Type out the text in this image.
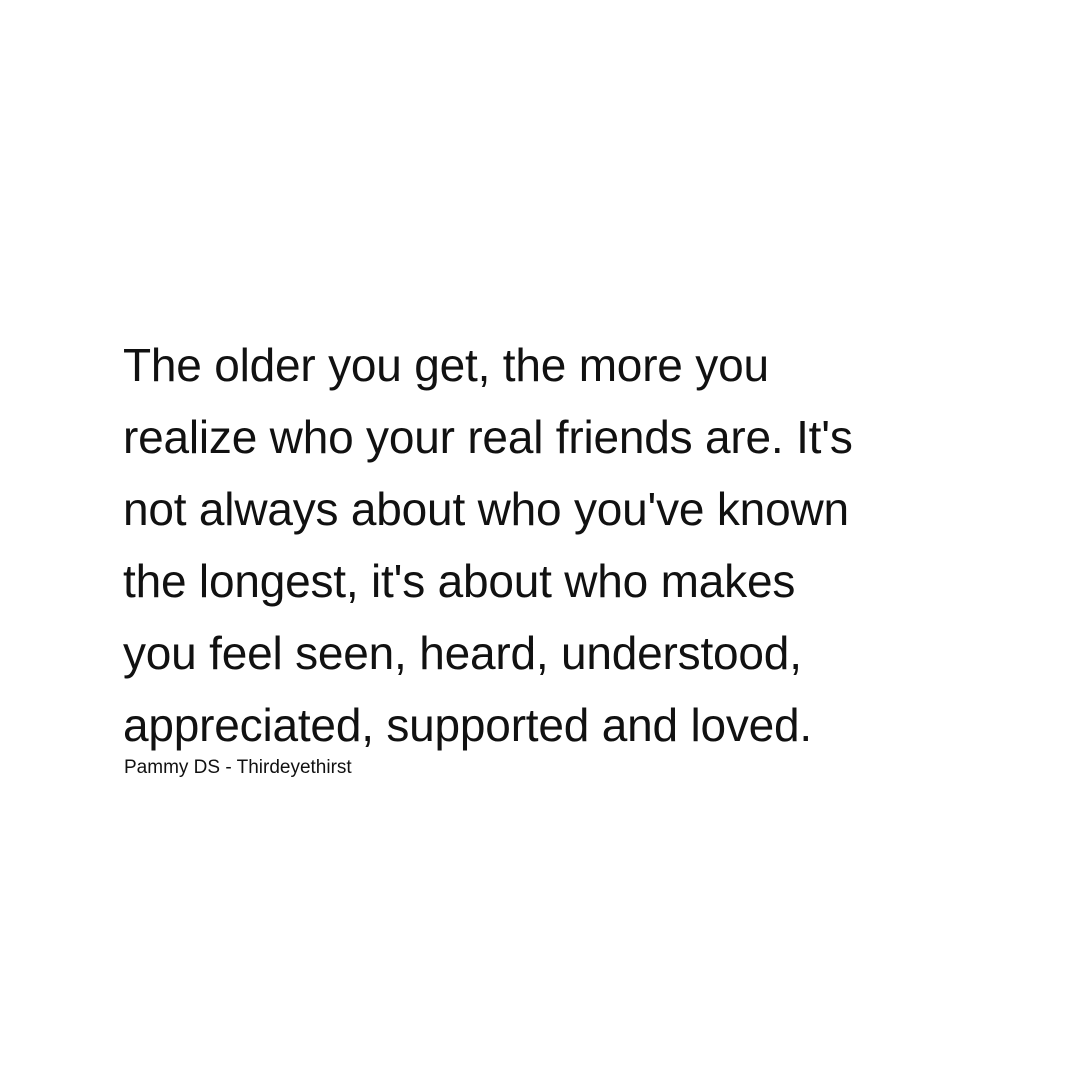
The older you get, the more you
realize who your real friends are. It's
not always about who you've known
the longest, it's about who makes
you feel seen, heard, understood,
appreciated, supported and loved.

Pammy DS - Thirdeyethirst
